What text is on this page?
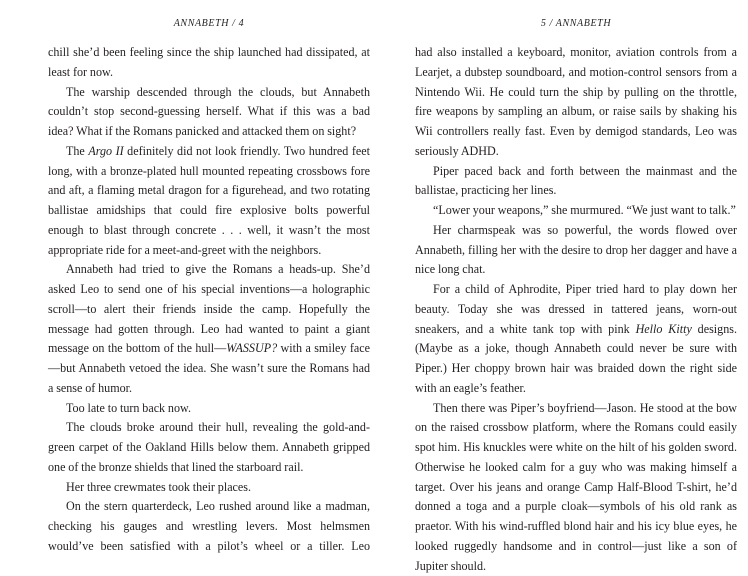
ANNABETH / 4

chill she’d been feeling since the ship launched had dissipated, at least for now.

The warship descended through the clouds, but Annabeth couldn’t stop second-guessing herself. What if this was a bad idea? What if the Romans panicked and attacked them on sight?

The Argo II definitely did not look friendly. Two hundred feet long, with a bronze-plated hull mounted repeating crossbows fore and aft, a flaming metal dragon for a figurehead, and two rotating ballistae amidships that could fire explosive bolts powerful enough to blast through concrete . . . well, it wasn’t the most appropriate ride for a meet-and-greet with the neighbors.

Annabeth had tried to give the Romans a heads-up. She’d asked Leo to send one of his special inventions—a holographic scroll—to alert their friends inside the camp. Hopefully the message had gotten through. Leo had wanted to paint a giant message on the bottom of the hull—WASSUP? with a smiley face—but Annabeth vetoed the idea. She wasn’t sure the Romans had a sense of humor.

Too late to turn back now.

The clouds broke around their hull, revealing the gold-and-green carpet of the Oakland Hills below them. Annabeth gripped one of the bronze shields that lined the starboard rail.

Her three crewmates took their places.

On the stern quarterdeck, Leo rushed around like a madman, checking his gauges and wrestling levers. Most helmsmen would’ve been satisfied with a pilot’s wheel or a tiller. Leo

5 / ANNABETH

had also installed a keyboard, monitor, aviation controls from a Learjet, a dubstep soundboard, and motion-control sensors from a Nintendo Wii. He could turn the ship by pulling on the throttle, fire weapons by sampling an album, or raise sails by shaking his Wii controllers really fast. Even by demigod standards, Leo was seriously ADHD.

Piper paced back and forth between the mainmast and the ballistae, practicing her lines.

“Lower your weapons,” she murmured. “We just want to talk.”

Her charmspeak was so powerful, the words flowed over Annabeth, filling her with the desire to drop her dagger and have a nice long chat.

For a child of Aphrodite, Piper tried hard to play down her beauty. Today she was dressed in tattered jeans, worn-out sneakers, and a white tank top with pink Hello Kitty designs. (Maybe as a joke, though Annabeth could never be sure with Piper.) Her choppy brown hair was braided down the right side with an eagle’s feather.

Then there was Piper’s boyfriend—Jason. He stood at the bow on the raised crossbow platform, where the Romans could easily spot him. His knuckles were white on the hilt of his golden sword. Otherwise he looked calm for a guy who was making himself a target. Over his jeans and orange Camp Half-Blood T-shirt, he’d donned a toga and a purple cloak—symbols of his old rank as praetor. With his wind-ruffled blond hair and his icy blue eyes, he looked ruggedly handsome and in control—just like a son of Jupiter should.
